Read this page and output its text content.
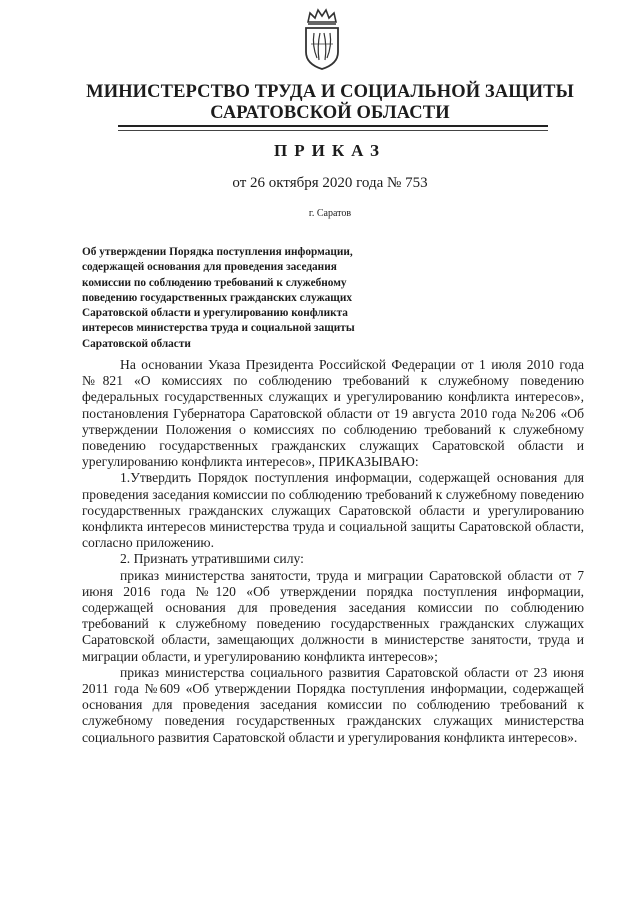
МИНИСТЕРСТВО ТРУДА И СОЦИАЛЬНОЙ ЗАЩИТЫ
САРАТОВСКОЙ ОБЛАСТИ
ПРИКАЗ
от 26 октября 2020 года № 753
г. Саратов
Об утверждении Порядка поступления информации,
содержащей основания для проведения заседания
комиссии по соблюдению требований к служебному
поведению государственных гражданских служащих
Саратовской области и урегулированию конфликта
интересов министерства труда и социальной защиты
Саратовской области

На основании Указа Президента Российской Федерации от 1 июля 2010 года №821 «О комиссиях по соблюдению требований к служебному поведению федеральных государственных служащих и урегулированию конфликта интересов», постановления Губернатора Саратовской области от 19 августа 2010 года №206 «Об утверждении Положения о комиссиях по соблюдению требований к служебному поведению государственных гражданских служащих Саратовской области и урегулированию конфликта интересов», ПРИКАЗЫВАЮ:

1.Утвердить Порядок поступления информации, содержащей основания для проведения заседания комиссии по соблюдению требований к служебному поведению государственных гражданских служащих Саратовской области и урегулированию конфликта интересов министерства труда и социальной защиты Саратовской области, согласно приложению.

2. Признать утратившими силу:

приказ министерства занятости, труда и миграции Саратовской области от 7 июня 2016 года №120 «Об утверждении порядка поступления информации, содержащей основания для проведения заседания комиссии по соблюдению требований к служебному поведению государственных гражданских служащих Саратовской области, замещающих должности в министерстве занятости, труда и миграции области, и урегулированию конфликта интересов»;

приказ министерства социального развития Саратовской области от 23 июня 2011 года №609 «Об утверждении Порядка поступления информации, содержащей основания для проведения заседания комиссии по соблюдению требований к служебному поведения государственных гражданских служащих министерства социального развития Саратовской области и урегулирования конфликта интересов».
